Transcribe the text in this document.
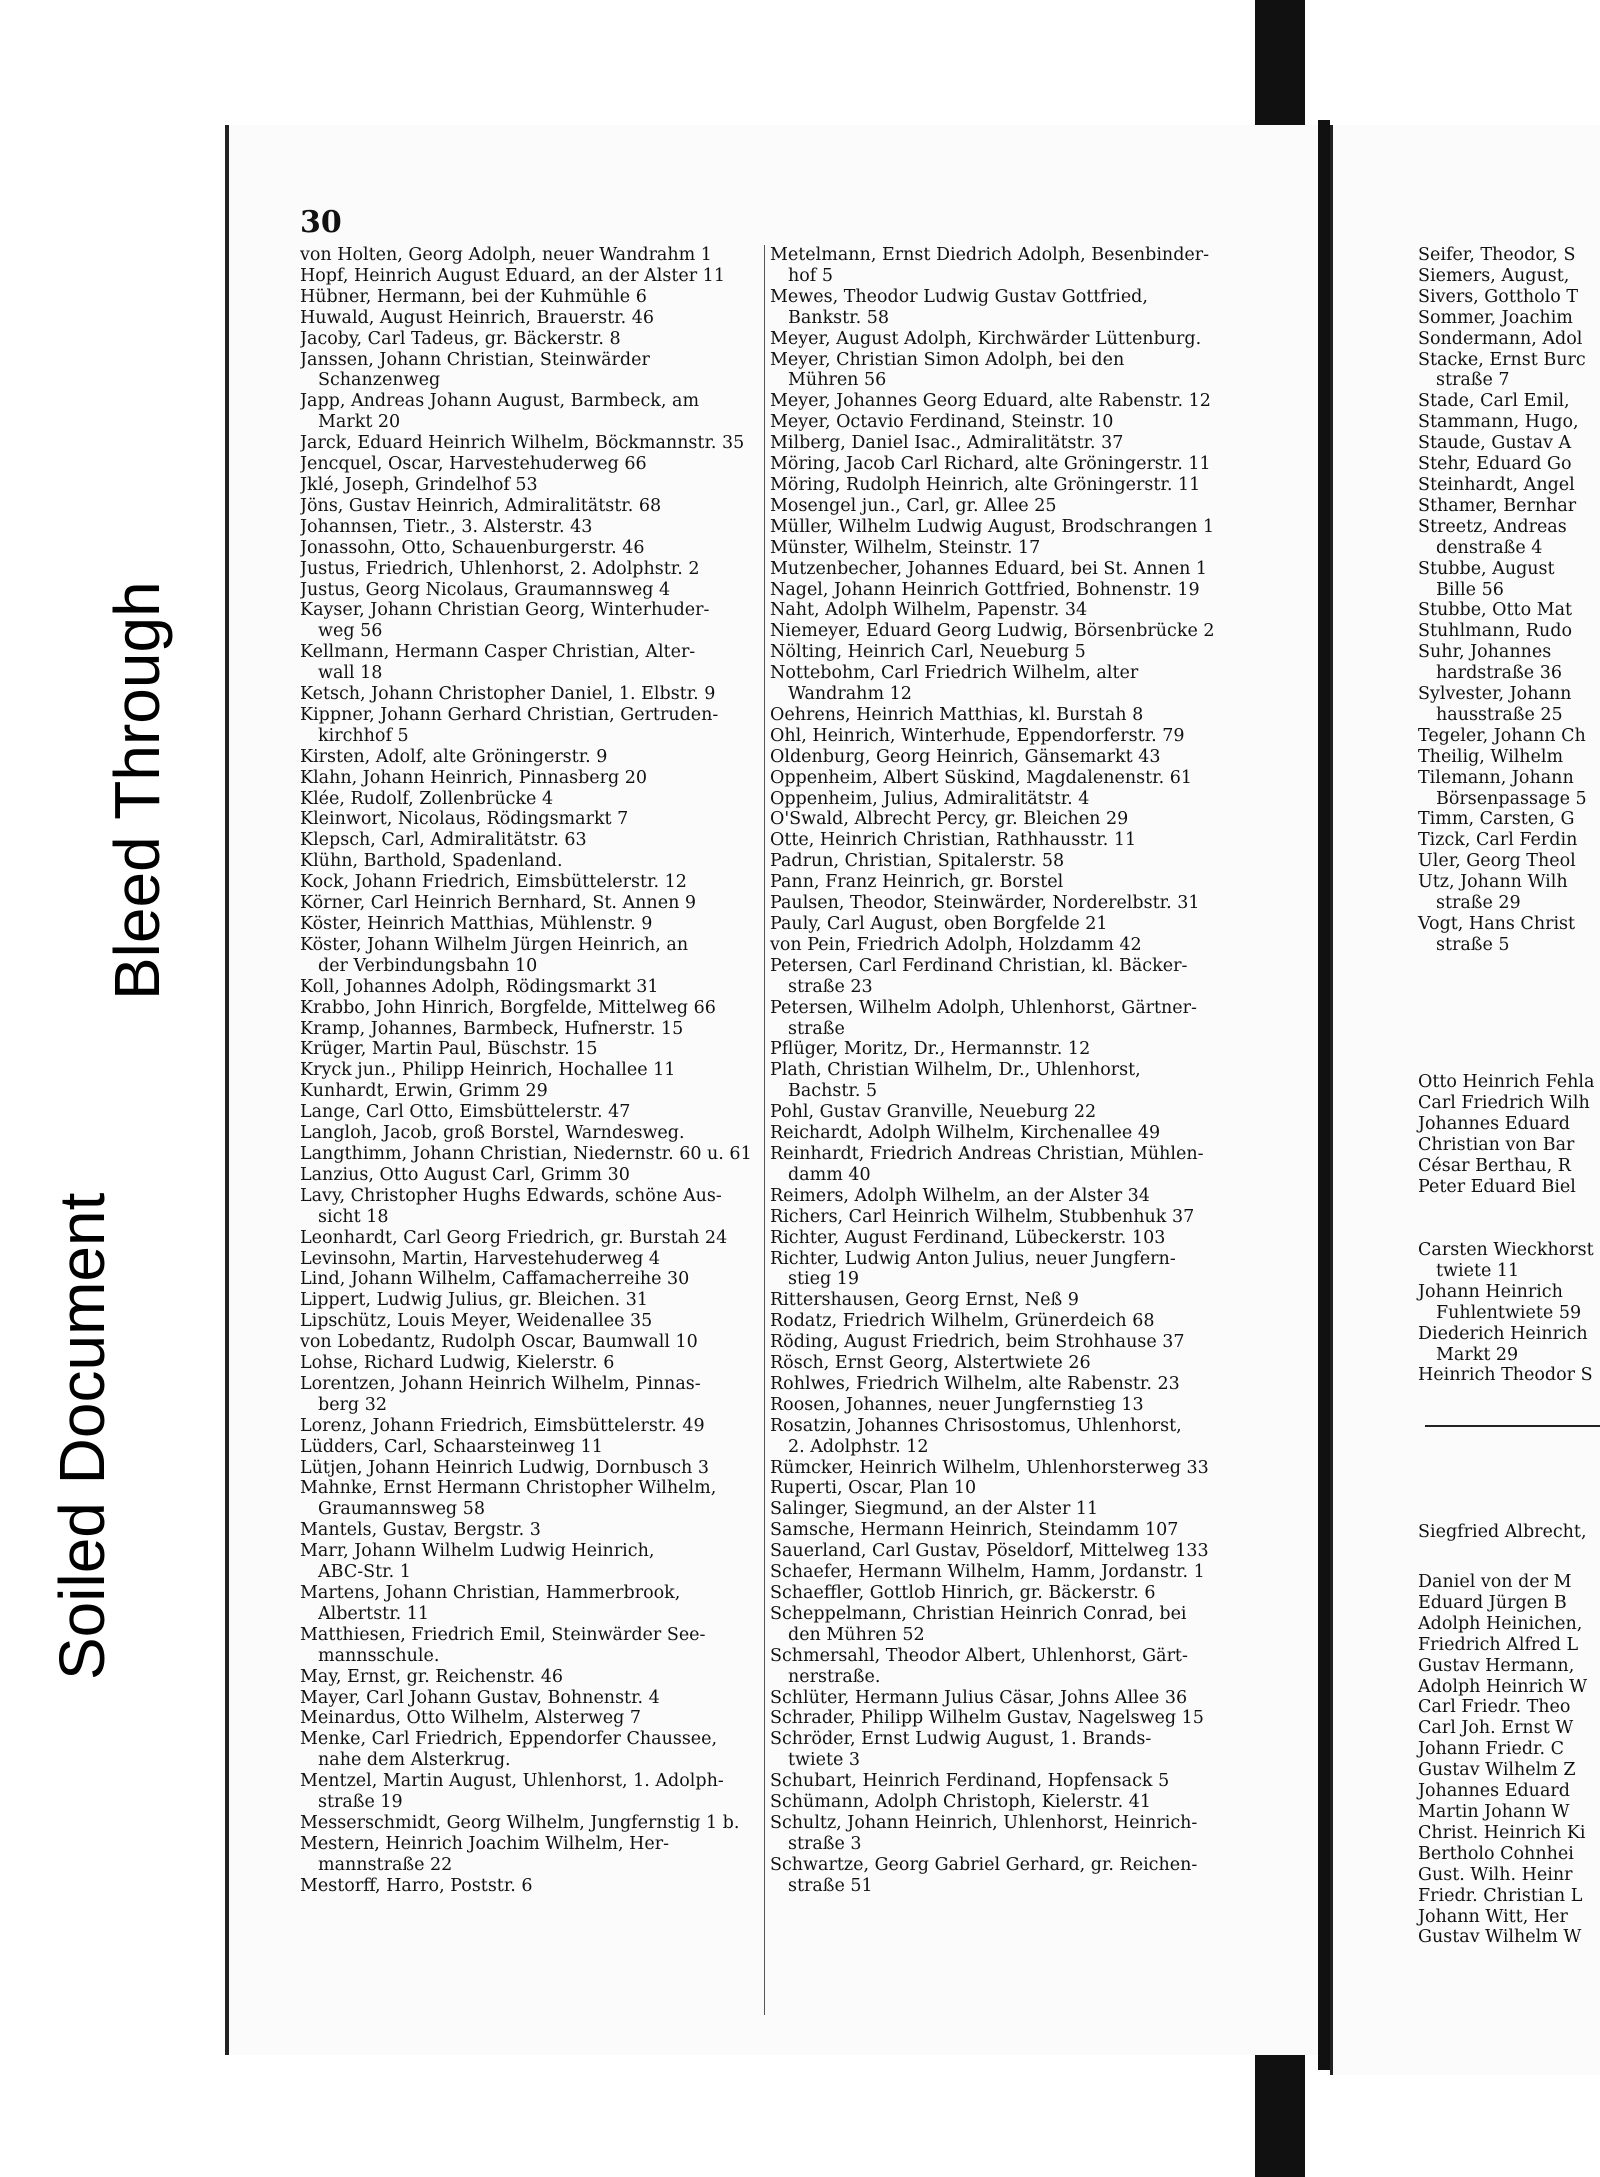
Bleed Through
Soiled Document
30
von Holten, Georg Adolph, neuer Wandrahm 1
Hopf, Heinrich August Eduard, an der Alster 11
Hübner, Hermann, bei der Kuhmühle 6
Huwald, August Heinrich, Brauerstr. 46
Jacoby, Carl Tadeus, gr. Bäckerstr. 8
Janssen, Johann Christian, Steinwärder
Schanzenweg
Japp, Andreas Johann August, Barmbeck, am
Markt 20
Jarck, Eduard Heinrich Wilhelm, Böckmannstr. 35
Jencquel, Oscar, Harvestehuderweg 66
Jklé, Joseph, Grindelhof 53
Jöns, Gustav Heinrich, Admiralitätstr. 68
Johannsen, Tietr., 3. Alsterstr. 43
Jonassohn, Otto, Schauenburgerstr. 46
Justus, Friedrich, Uhlenhorst, 2. Adolphstr. 2
Justus, Georg Nicolaus, Graumannsweg 4
Kayser, Johann Christian Georg, Winterhuder-
weg 56
Kellmann, Hermann Casper Christian, Alter-
wall 18
Ketsch, Johann Christopher Daniel, 1. Elbstr. 9
Kippner, Johann Gerhard Christian, Gertruden-
kirchhof 5
Kirsten, Adolf, alte Gröningerstr. 9
Klahn, Johann Heinrich, Pinnasberg 20
Klée, Rudolf, Zollenbrücke 4
Kleinwort, Nicolaus, Rödingsmarkt 7
Klepsch, Carl, Admiralitätstr. 63
Klühn, Barthold, Spadenland.
Kock, Johann Friedrich, Eimsbüttelerstr. 12
Körner, Carl Heinrich Bernhard, St. Annen 9
Köster, Heinrich Matthias, Mühlenstr. 9
Köster, Johann Wilhelm Jürgen Heinrich, an
der Verbindungsbahn 10
Koll, Johannes Adolph, Rödingsmarkt 31
Krabbo, John Hinrich, Borgfelde, Mittelweg 66
Kramp, Johannes, Barmbeck, Hufnerstr. 15
Krüger, Martin Paul, Büschstr. 15
Kryck jun., Philipp Heinrich, Hochallee 11
Kunhardt, Erwin, Grimm 29
Lange, Carl Otto, Eimsbüttelerstr. 47
Langloh, Jacob, groß Borstel, Warndesweg.
Langthimm, Johann Christian, Niedernstr. 60 u. 61
Lanzius, Otto August Carl, Grimm 30
Lavy, Christopher Hughs Edwards, schöne Aus-
sicht 18
Leonhardt, Carl Georg Friedrich, gr. Burstah 24
Levinsohn, Martin, Harvestehuderweg 4
Lind, Johann Wilhelm, Caffamacherreihe 30
Lippert, Ludwig Julius, gr. Bleichen. 31
Lipschütz, Louis Meyer, Weidenallee 35
von Lobedantz, Rudolph Oscar, Baumwall 10
Lohse, Richard Ludwig, Kielerstr. 6
Lorentzen, Johann Heinrich Wilhelm, Pinnas-
berg 32
Lorenz, Johann Friedrich, Eimsbüttelerstr. 49
Lüdders, Carl, Schaarsteinweg 11
Lütjen, Johann Heinrich Ludwig, Dornbusch 3
Mahnke, Ernst Hermann Christopher Wilhelm,
Graumannsweg 58
Mantels, Gustav, Bergstr. 3
Marr, Johann Wilhelm Ludwig Heinrich,
ABC-Str. 1
Martens, Johann Christian, Hammerbrook,
Albertstr. 11
Matthiesen, Friedrich Emil, Steinwärder See-
mannsschule.
May, Ernst, gr. Reichenstr. 46
Mayer, Carl Johann Gustav, Bohnenstr. 4
Meinardus, Otto Wilhelm, Alsterweg 7
Menke, Carl Friedrich, Eppendorfer Chaussee,
nahe dem Alsterkrug.
Mentzel, Martin August, Uhlenhorst, 1. Adolph-
straße 19
Messerschmidt, Georg Wilhelm, Jungfernstig 1 b.
Mestern, Heinrich Joachim Wilhelm, Her-
mannstraße 22
Mestorff, Harro, Poststr. 6
Metelmann, Ernst Diedrich Adolph, Besenbinder-
hof 5
Mewes, Theodor Ludwig Gustav Gottfried,
Bankstr. 58
Meyer, August Adolph, Kirchwärder Lüttenburg.
Meyer, Christian Simon Adolph, bei den
Mühren 56
Meyer, Johannes Georg Eduard, alte Rabenstr. 12
Meyer, Octavio Ferdinand, Steinstr. 10
Milberg, Daniel Isac., Admiralitätstr. 37
Möring, Jacob Carl Richard, alte Gröningerstr. 11
Möring, Rudolph Heinrich, alte Gröningerstr. 11
Mosengel jun., Carl, gr. Allee 25
Müller, Wilhelm Ludwig August, Brodschrangen 1
Münster, Wilhelm, Steinstr. 17
Mutzenbecher, Johannes Eduard, bei St. Annen 1
Nagel, Johann Heinrich Gottfried, Bohnenstr. 19
Naht, Adolph Wilhelm, Papenstr. 34
Niemeyer, Eduard Georg Ludwig, Börsenbrücke 2
Nölting, Heinrich Carl, Neueburg 5
Nottebohm, Carl Friedrich Wilhelm, alter
Wandrahm 12
Oehrens, Heinrich Matthias, kl. Burstah 8
Ohl, Heinrich, Winterhude, Eppendorferstr. 79
Oldenburg, Georg Heinrich, Gänsemarkt 43
Oppenheim, Albert Süskind, Magdalenenstr. 61
Oppenheim, Julius, Admiralitätstr. 4
O'Swald, Albrecht Percy, gr. Bleichen 29
Otte, Heinrich Christian, Rathhausstr. 11
Padrun, Christian, Spitalerstr. 58
Pann, Franz Heinrich, gr. Borstel
Paulsen, Theodor, Steinwärder, Norderelbstr. 31
Pauly, Carl August, oben Borgfelde 21
von Pein, Friedrich Adolph, Holzdamm 42
Petersen, Carl Ferdinand Christian, kl. Bäcker-
straße 23
Petersen, Wilhelm Adolph, Uhlenhorst, Gärtner-
straße
Pflüger, Moritz, Dr., Hermannstr. 12
Plath, Christian Wilhelm, Dr., Uhlenhorst,
Bachstr. 5
Pohl, Gustav Granville, Neueburg 22
Reichardt, Adolph Wilhelm, Kirchenallee 49
Reinhardt, Friedrich Andreas Christian, Mühlen-
damm 40
Reimers, Adolph Wilhelm, an der Alster 34
Richers, Carl Heinrich Wilhelm, Stubbenhuk 37
Richter, August Ferdinand, Lübeckerstr. 103
Richter, Ludwig Anton Julius, neuer Jungfern-
stieg 19
Rittershausen, Georg Ernst, Neß 9
Rodatz, Friedrich Wilhelm, Grünerdeich 68
Röding, August Friedrich, beim Strohhause 37
Rösch, Ernst Georg, Alstertwiete 26
Rohlwes, Friedrich Wilhelm, alte Rabenstr. 23
Roosen, Johannes, neuer Jungfernstieg 13
Rosatzin, Johannes Chrisostomus, Uhlenhorst,
2. Adolphstr. 12
Rümcker, Heinrich Wilhelm, Uhlenhorsterweg 33
Ruperti, Oscar, Plan 10
Salinger, Siegmund, an der Alster 11
Samsche, Hermann Heinrich, Steindamm 107
Sauerland, Carl Gustav, Pöseldorf, Mittelweg 133
Schaefer, Hermann Wilhelm, Hamm, Jordanstr. 1
Schaeffler, Gottlob Hinrich, gr. Bäckerstr. 6
Scheppelmann, Christian Heinrich Conrad, bei
den Mühren 52
Schmersahl, Theodor Albert, Uhlenhorst, Gärt-
nerstraße.
Schlüter, Hermann Julius Cäsar, Johns Allee 36
Schrader, Philipp Wilhelm Gustav, Nagelsweg 15
Schröder, Ernst Ludwig August, 1. Brands-
twiete 3
Schubart, Heinrich Ferdinand, Hopfensack 5
Schümann, Adolph Christoph, Kielerstr. 41
Schultz, Johann Heinrich, Uhlenhorst, Heinrich-
straße 3
Schwartze, Georg Gabriel Gerhard, gr. Reichen-
straße 51
Seifer, Theodor, S
Siemers, August,
Sivers, Gottholo T
Sommer, Joachim
Sondermann, Adol
Stacke, Ernst Burc
straße 7
Stade, Carl Emil,
Stammann, Hugo,
Staude, Gustav A
Stehr, Eduard Go
Steinhardt, Angel
Sthamer, Bernhar
Streetz, Andreas
denstraße 4
Stubbe, August
Bille 56
Stubbe, Otto Mat
Stuhlmann, Rudo
Suhr, Johannes
hardstraße 36
Sylvester, Johann
hausstraße 25
Tegeler, Johann Ch
Theilig, Wilhelm
Tilemann, Johann
Börsenpassage 5
Timm, Carsten, G
Tizck, Carl Ferdin
Uler, Georg Theol
Utz, Johann Wilh
straße 29
Vogt, Hans Christ
straße 5
Otto Heinrich Fehla
Carl Friedrich Wilh
Johannes Eduard
Christian von Bar
César Berthau, R
Peter Eduard Biel
Carsten Wieckhorst
twiete 11
Johann Heinrich
Fuhlentwiete 59
Diederich Heinrich
Markt 29
Heinrich Theodor S
Siegfried Albrecht,
Daniel von der M
Eduard Jürgen B
Adolph Heinichen,
Friedrich Alfred L
Gustav Hermann,
Adolph Heinrich W
Carl Friedr. Theo
Carl Joh. Ernst W
Johann Friedr. C
Gustav Wilhelm Z
Johannes Eduard
Martin Johann W
Christ. Heinrich Ki
Bertholo Cohnhei
Gust. Wilh. Heinr
Friedr. Christian L
Johann Witt, Her
Gustav Wilhelm W
